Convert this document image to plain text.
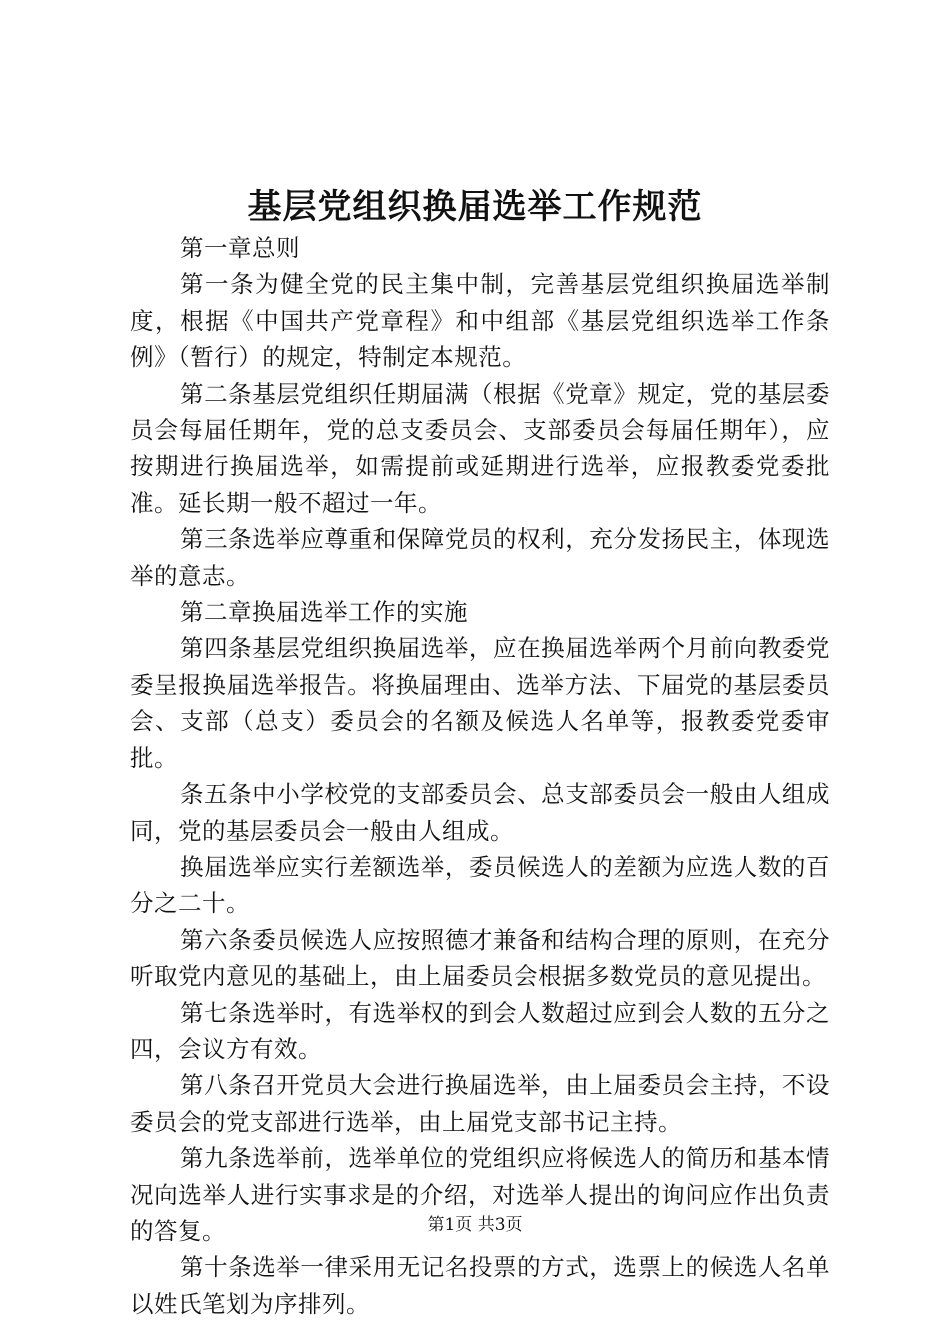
基层党组织换届选举工作规范

第一章总则

第一条为健全党的民主集中制，完善基层党组织换届选举制度，根据《中国共产党章程》和中组部《基层党组织选举工作条例》（暂行）的规定，特制定本规范。

第二条基层党组织任期届满（根据《党章》规定，党的基层委员会每届任期年，党的总支委员会、支部委员会每届任期年），应按期进行换届选举，如需提前或延期进行选举，应报教委党委批准。延长期一般不超过一年。

第三条选举应尊重和保障党员的权利，充分发扬民主，体现选举的意志。

第二章换届选举工作的实施

第四条基层党组织换届选举，应在换届选举两个月前向教委党委呈报换届选举报告。将换届理由、选举方法、下届党的基层委员会、支部（总支）委员会的名额及候选人名单等，报教委党委审批。

条五条中小学校党的支部委员会、总支部委员会一般由人组成同，党的基层委员会一般由人组成。

换届选举应实行差额选举，委员候选人的差额为应选人数的百分之二十。

第六条委员候选人应按照德才兼备和结构合理的原则，在充分听取党内意见的基础上，由上届委员会根据多数党员的意见提出。

第七条选举时，有选举权的到会人数超过应到会人数的五分之四，会议方有效。

第八条召开党员大会进行换届选举，由上届委员会主持，不设委员会的党支部进行选举，由上届党支部书记主持。

第九条选举前，选举单位的党组织应将候选人的简历和基本情况向选举人进行实事求是的介绍，对选举人提出的询问应作出负责的答复。

第十条选举一律采用无记名投票的方式，选票上的候选人名单以姓氏笔划为序排列。

第1页 共3页
